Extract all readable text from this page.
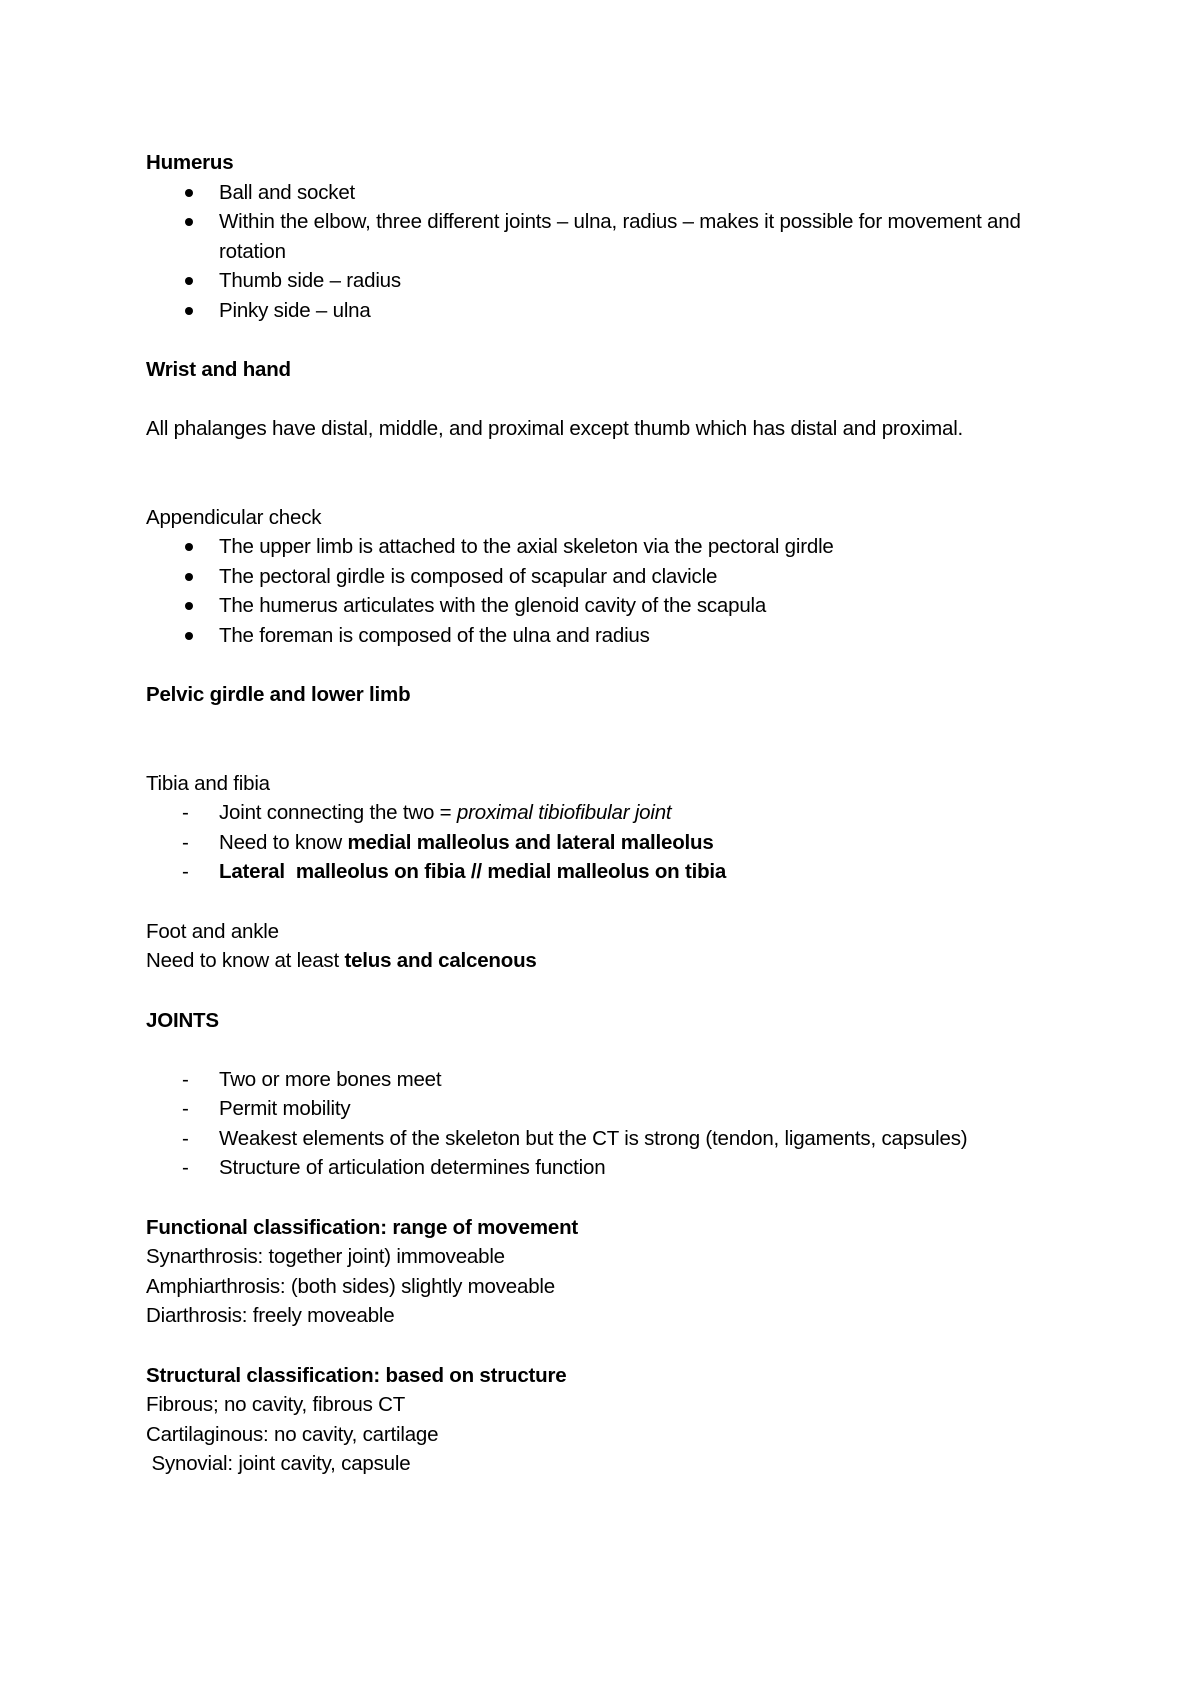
Humerus
Ball and socket
Within the elbow, three different joints – ulna, radius – makes it possible for movement and rotation
Thumb side – radius
Pinky side – ulna
Wrist and hand
All phalanges have distal, middle, and proximal except thumb which has distal and proximal.
Appendicular check
The upper limb is attached to the axial skeleton via the pectoral girdle
The pectoral girdle is composed of scapular and clavicle
The humerus articulates with the glenoid cavity of the scapula
The foreman is composed of the ulna and radius
Pelvic girdle and lower limb
Tibia and fibia
Joint connecting the two = proximal tibiofibular joint
Need to know medial malleolus and lateral malleolus
Lateral  malleolus on fibia // medial malleolus on tibia
Foot and ankle
Need to know at least telus and calcenous
JOINTS
Two or more bones meet
Permit mobility
Weakest elements of the skeleton but the CT is strong (tendon, ligaments, capsules)
Structure of articulation determines function
Functional classification: range of movement
Synarthrosis: together joint) immoveable
Amphiarthrosis: (both sides) slightly moveable
Diarthrosis: freely moveable
Structural classification: based on structure
Fibrous; no cavity, fibrous CT
Cartilaginous: no cavity, cartilage
Synovial: joint cavity, capsule
